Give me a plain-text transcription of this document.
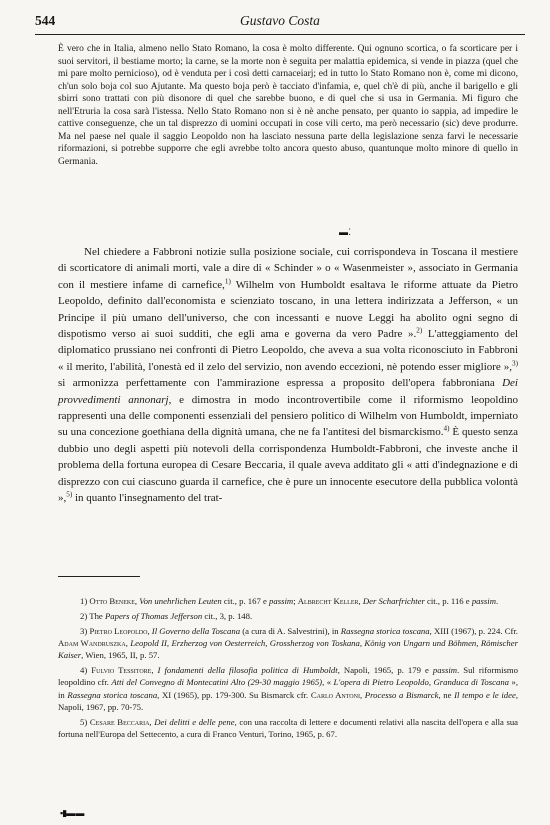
544	Gustavo Costa
È vero che in Italia, almeno nello Stato Romano, la cosa è molto differente. Qui ognuno scortica, o fa scorticare per i suoi servitori, il bestiame morto; la carne, se la morte non è seguita per malattia epidemica, si vende in piazza (quel che mi pare molto pernicioso), od è venduta per i così detti carnaceiarj; ed in tutto lo Stato Romano non è, come mi dicono, ch'un solo boja col suo Ajutante. Ma questo boja però è tacciato d'infamia, e, quel ch'è di più, anche il barigello e gli sbirri sono trattati con più disonore di quel che sarebbe buono, e di quel che si usa in Germania. Mi figuro che nell'Etruria la cosa sarà l'istessa. Nello Stato Romano non si è nè anche pensato, per quanto io sappia, ad impedire le cattive conseguenze, che un tal disprezzo di uomini occupati in cose vili certo, ma però necessario (sic) deve produrre. Ma nel paese nel quale il saggio Leopoldo non ha lasciato nessuna parte della legislazione senza farvi le necessarie riformazioni, si potrebbe supporre che egli avrebbe tolto ancora questo abuso, quantunque molto minore di quello in Germania.
▬ ⁚
Nel chiedere a Fabbroni notizie sulla posizione sociale, cui corrispondeva in Toscana il mestiere di scorticatore di animali morti, vale a dire di « Schinder » o « Wasenmeister », associato in Germania con il mestiere infame di carnefice,$^{1)}$ Wilhelm von Humboldt esaltava le riforme attuate da Pietro Leopoldo, definito dall'economista e scienziato toscano, in una lettera indirizzata a Jefferson, « un Principe il più umano dell'universo, che con incessanti e nuove Leggi ha abolito ogni segno di dispotismo verso ai suoi sudditi, che egli ama e governa da vero Padre ».$^{2)}$ L'atteggiamento del diplomatico prussiano nei confronti di Pietro Leopoldo, che aveva a sua volta riconosciuto in Fabbroni « il merito, l'abilità, l'onestà ed il zelo del servizio, non avendo eccezioni, nè potendo esser migliore »,$^{3)}$ si armonizza perfettamente con l'ammirazione espressa a proposito dell'opera fabbroniana Dei provvedimenti annonarj, e dimostra in modo incontrovertibile come il riformismo leopoldino rappresenti una delle componenti essenziali del pensiero politico di Wilhelm von Humboldt, imperniato su una concezione goethiana della dignità umana, che ne fa l'antitesi del bismarckismo.$^{4)}$ È questo senza dubbio uno degli aspetti più notevoli della corrispondenza Humboldt-Fabbroni, che investe anche il problema della fortuna europea di Cesare Beccaria, il quale aveva additato gli « atti d'indegnazione e di disprezzo con cui ciascuno guarda il carnefice, che è pure un innocente esecutore della pubblica volontà »,$^{5)}$ in quanto l'insegnamento del trat-
1) Otto Beneke, Von unehrlichen Leuten cit., p. 167 e passim; Albrecht Keller, Der Scharfrichter cit., p. 116 e passim.
2) The Papers of Thomas Jefferson cit., 3, p. 148.
3) Pietro Leopoldo, Il Governo della Toscana (a cura di A. Salvestrini), in Rassegna storica toscana, XIII (1967), p. 224. Cfr. Adam Wandruszka, Leopold II, Erzherzog von Oesterreich, Grossherzog von Toskana, König von Ungarn und Böhmen, Römischer Kaiser, Wien, 1965, II, p. 57.
4) Fulvio Tessitore, I fondamenti della filosofia politica di Humboldt, Napoli, 1965, p. 179 e passim. Sul riformismo leopoldino cfr. Atti del Convegno di Montecatini Alto (29-30 maggio 1965), « L'opera di Pietro Leopoldo, Granduca di Toscana », in Rassegna storica toscana, XI (1965), pp. 179-300. Su Bismarck cfr. Carlo Antoni, Processo a Bismarck, ne Il tempo e le idee, Napoli, 1967, pp. 70-75.
5) Cesare Beccaria, Dei delitti e delle pene, con una raccolta di lettere e documenti relativi alla nascita dell'opera e alla sua fortuna nell'Europa del Settecento, a cura di Franco Venturi, Torino, 1965, p. 67.
▪▮▬ ▬
